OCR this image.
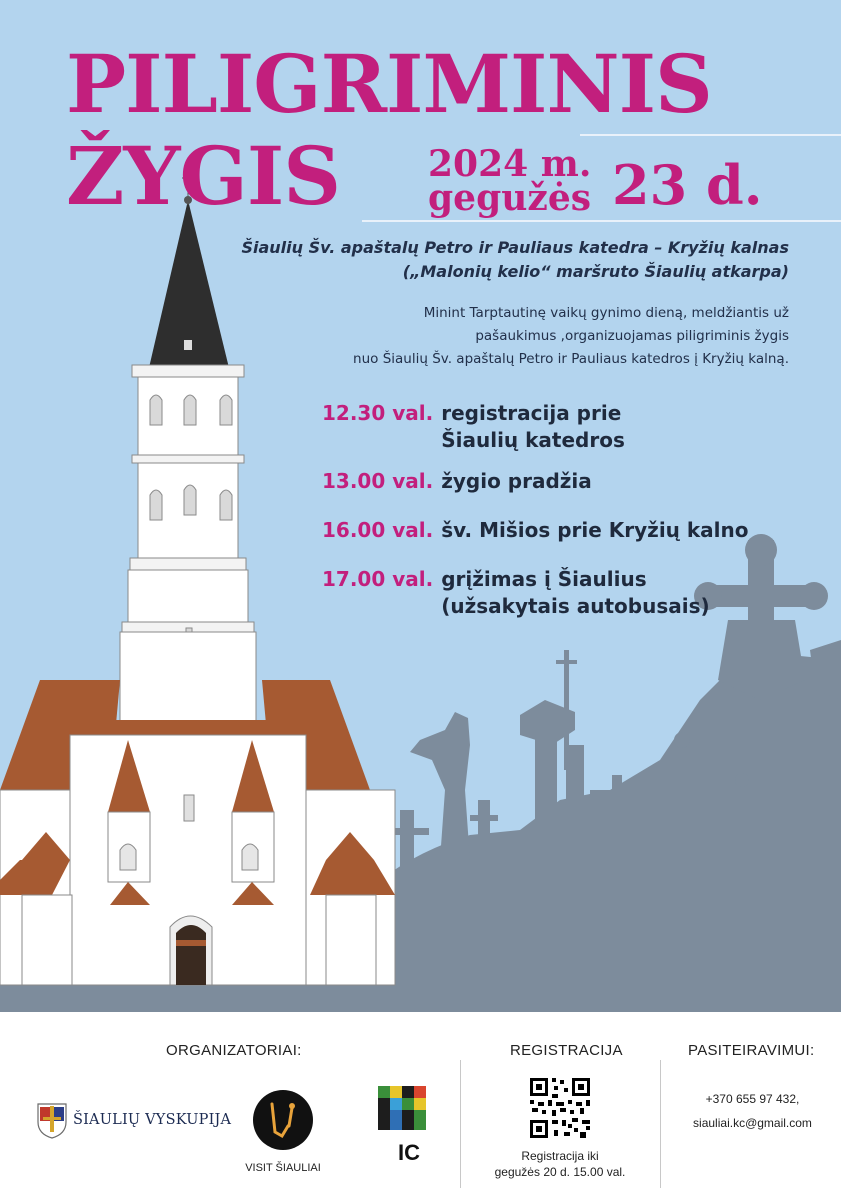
PILIGRIMINIS
ŽYGIS 2024 m.
gegužės 23 d.
Šiaulių Šv. apaštalų Petro ir Pauliaus katedra – Kryžių kalnas
(„Malonių kelio“ maršruto Šiaulių atkarpa)
Minint Tarptautinę vaikų gynimo dieną, meldžiantis už
pašaukimus ,organizuojamas piligriminis žygis
nuo Šiaulių Šv. apaštalų Petro ir Pauliaus katedros į Kryžių kalną.
12.30 val. registracija prie
Šiaulių katedros
13.00 val. žygio pradžia
16.00 val. šv. Mišios prie Kryžių kalno
17.00 val. grįžimas į Šiaulius
(užsakytais autobusais)
ORGANIZATORIAI:	REGISTRACIJA	PASITEIRAVIMUI:
ŠIAULIŲ VYSKUPIJA
VISIT ŠIAULIAI
IC	Registracija iki
gegužės 20 d. 15.00 val.
+370 655 97 432,
siauliai.kc@gmail.com
